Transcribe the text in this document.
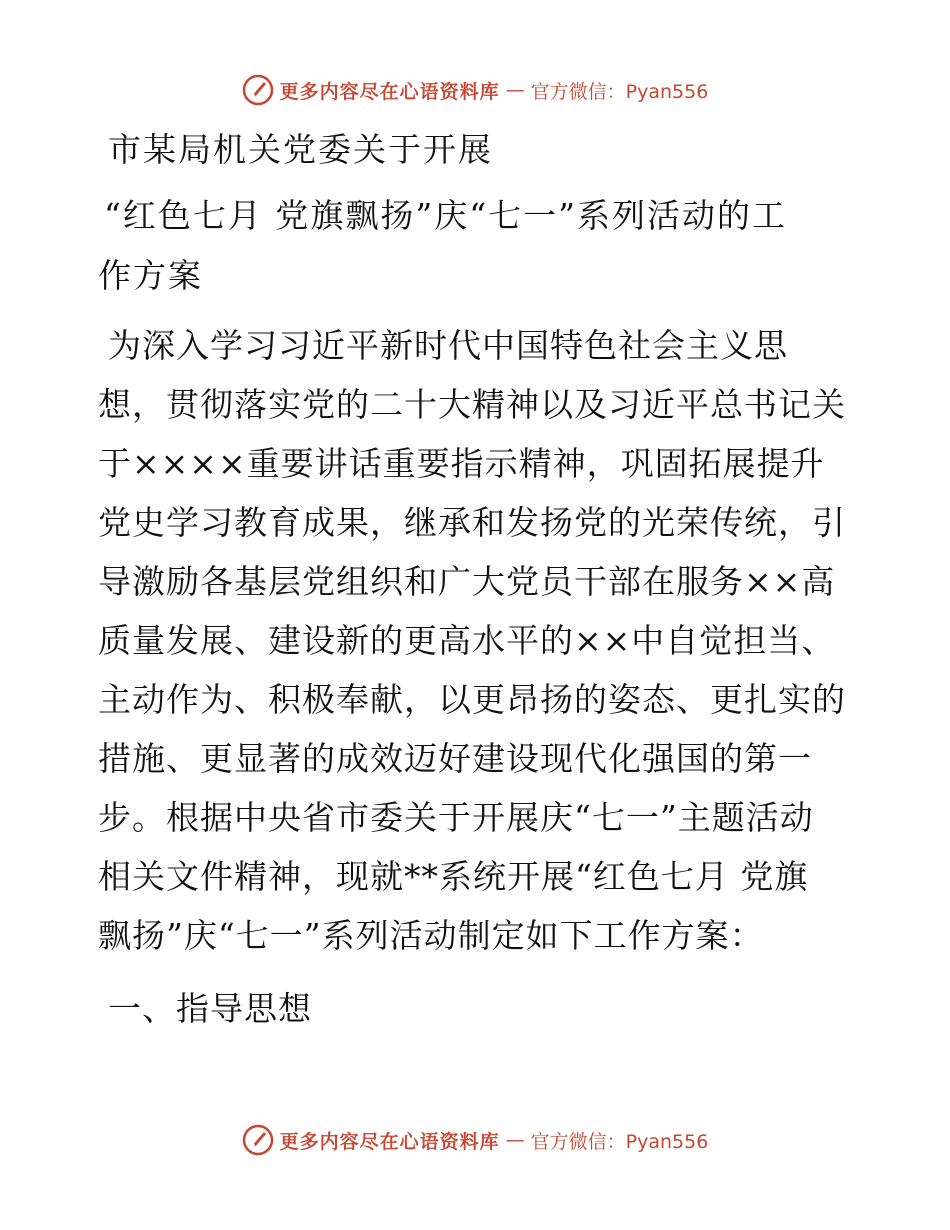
更多内容尽在心语资料库 — 官方微信：Pyan556
市某局机关党委关于开展
“红色七月 党旗飘扬”庆“七一”系列活动的工
作方案
为深入学习习近平新时代中国特色社会主义思
想，贯彻落实党的二十大精神以及习近平总书记关
于××××重要讲话重要指示精神，巩固拓展提升
党史学习教育成果，继承和发扬党的光荣传统，引
导激励各基层党组织和广大党员干部在服务××高
质量发展、建设新的更高水平的××中自觉担当、
主动作为、积极奉献，以更昂扬的姿态、更扎实的
措施、更显著的成效迈好建设现代化强国的第一
步。根据中央省市委关于开展庆“七一”主题活动
相关文件精神，现就**系统开展“红色七月 党旗
飘扬”庆“七一”系列活动制定如下工作方案：
一、指导思想
更多内容尽在心语资料库 — 官方微信：Pyan556
